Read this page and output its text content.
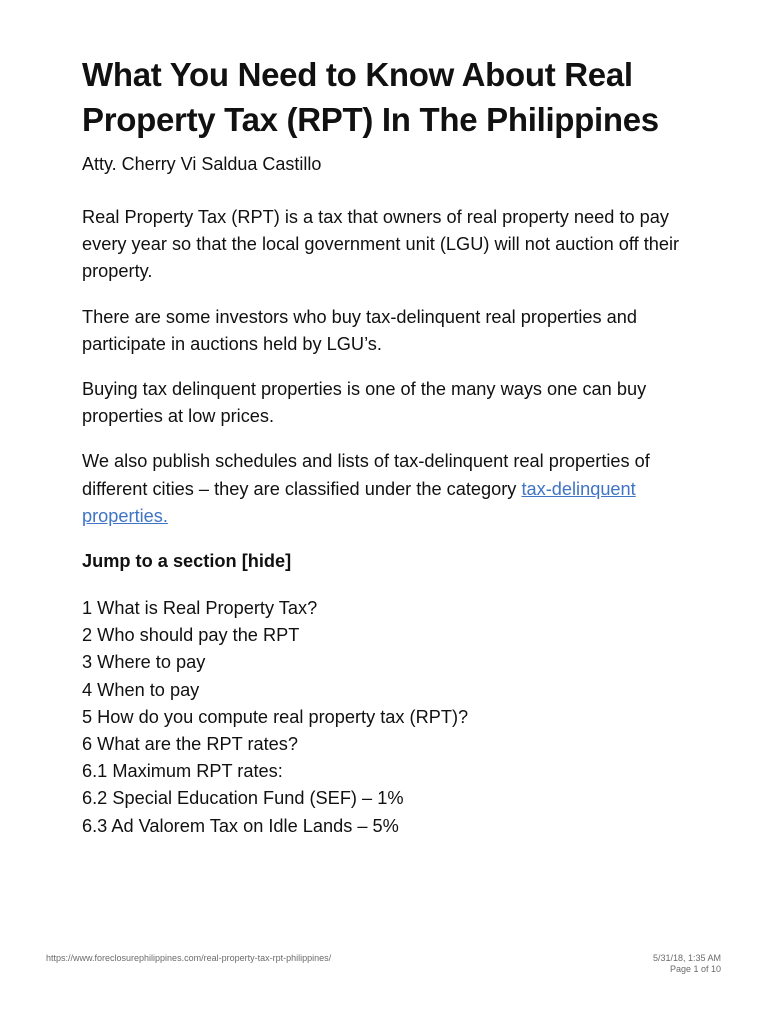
What You Need to Know About Real Property Tax (RPT) In The Philippines

Atty. Cherry Vi Saldua Castillo

Real Property Tax (RPT) is a tax that owners of real property need to pay every year so that the local government unit (LGU) will not auction off their property.

There are some investors who buy tax-delinquent real properties and participate in auctions held by LGU’s.

Buying tax delinquent properties is one of the many ways one can buy properties at low prices.

We also publish schedules and lists of tax-delinquent real properties of different cities – they are classified under the category tax-delinquent properties.

Jump to a section [hide]

1 What is Real Property Tax?
2 Who should pay the RPT
3 Where to pay
4 When to pay
5 How do you compute real property tax (RPT)?
6 What are the RPT rates?
6.1 Maximum RPT rates:
6.2 Special Education Fund (SEF) – 1%
6.3 Ad Valorem Tax on Idle Lands – 5%
https://www.foreclosurephilippines.com/real-property-tax-rpt-philippines/	5/31/18, 1:35 AM
Page 1 of 10
